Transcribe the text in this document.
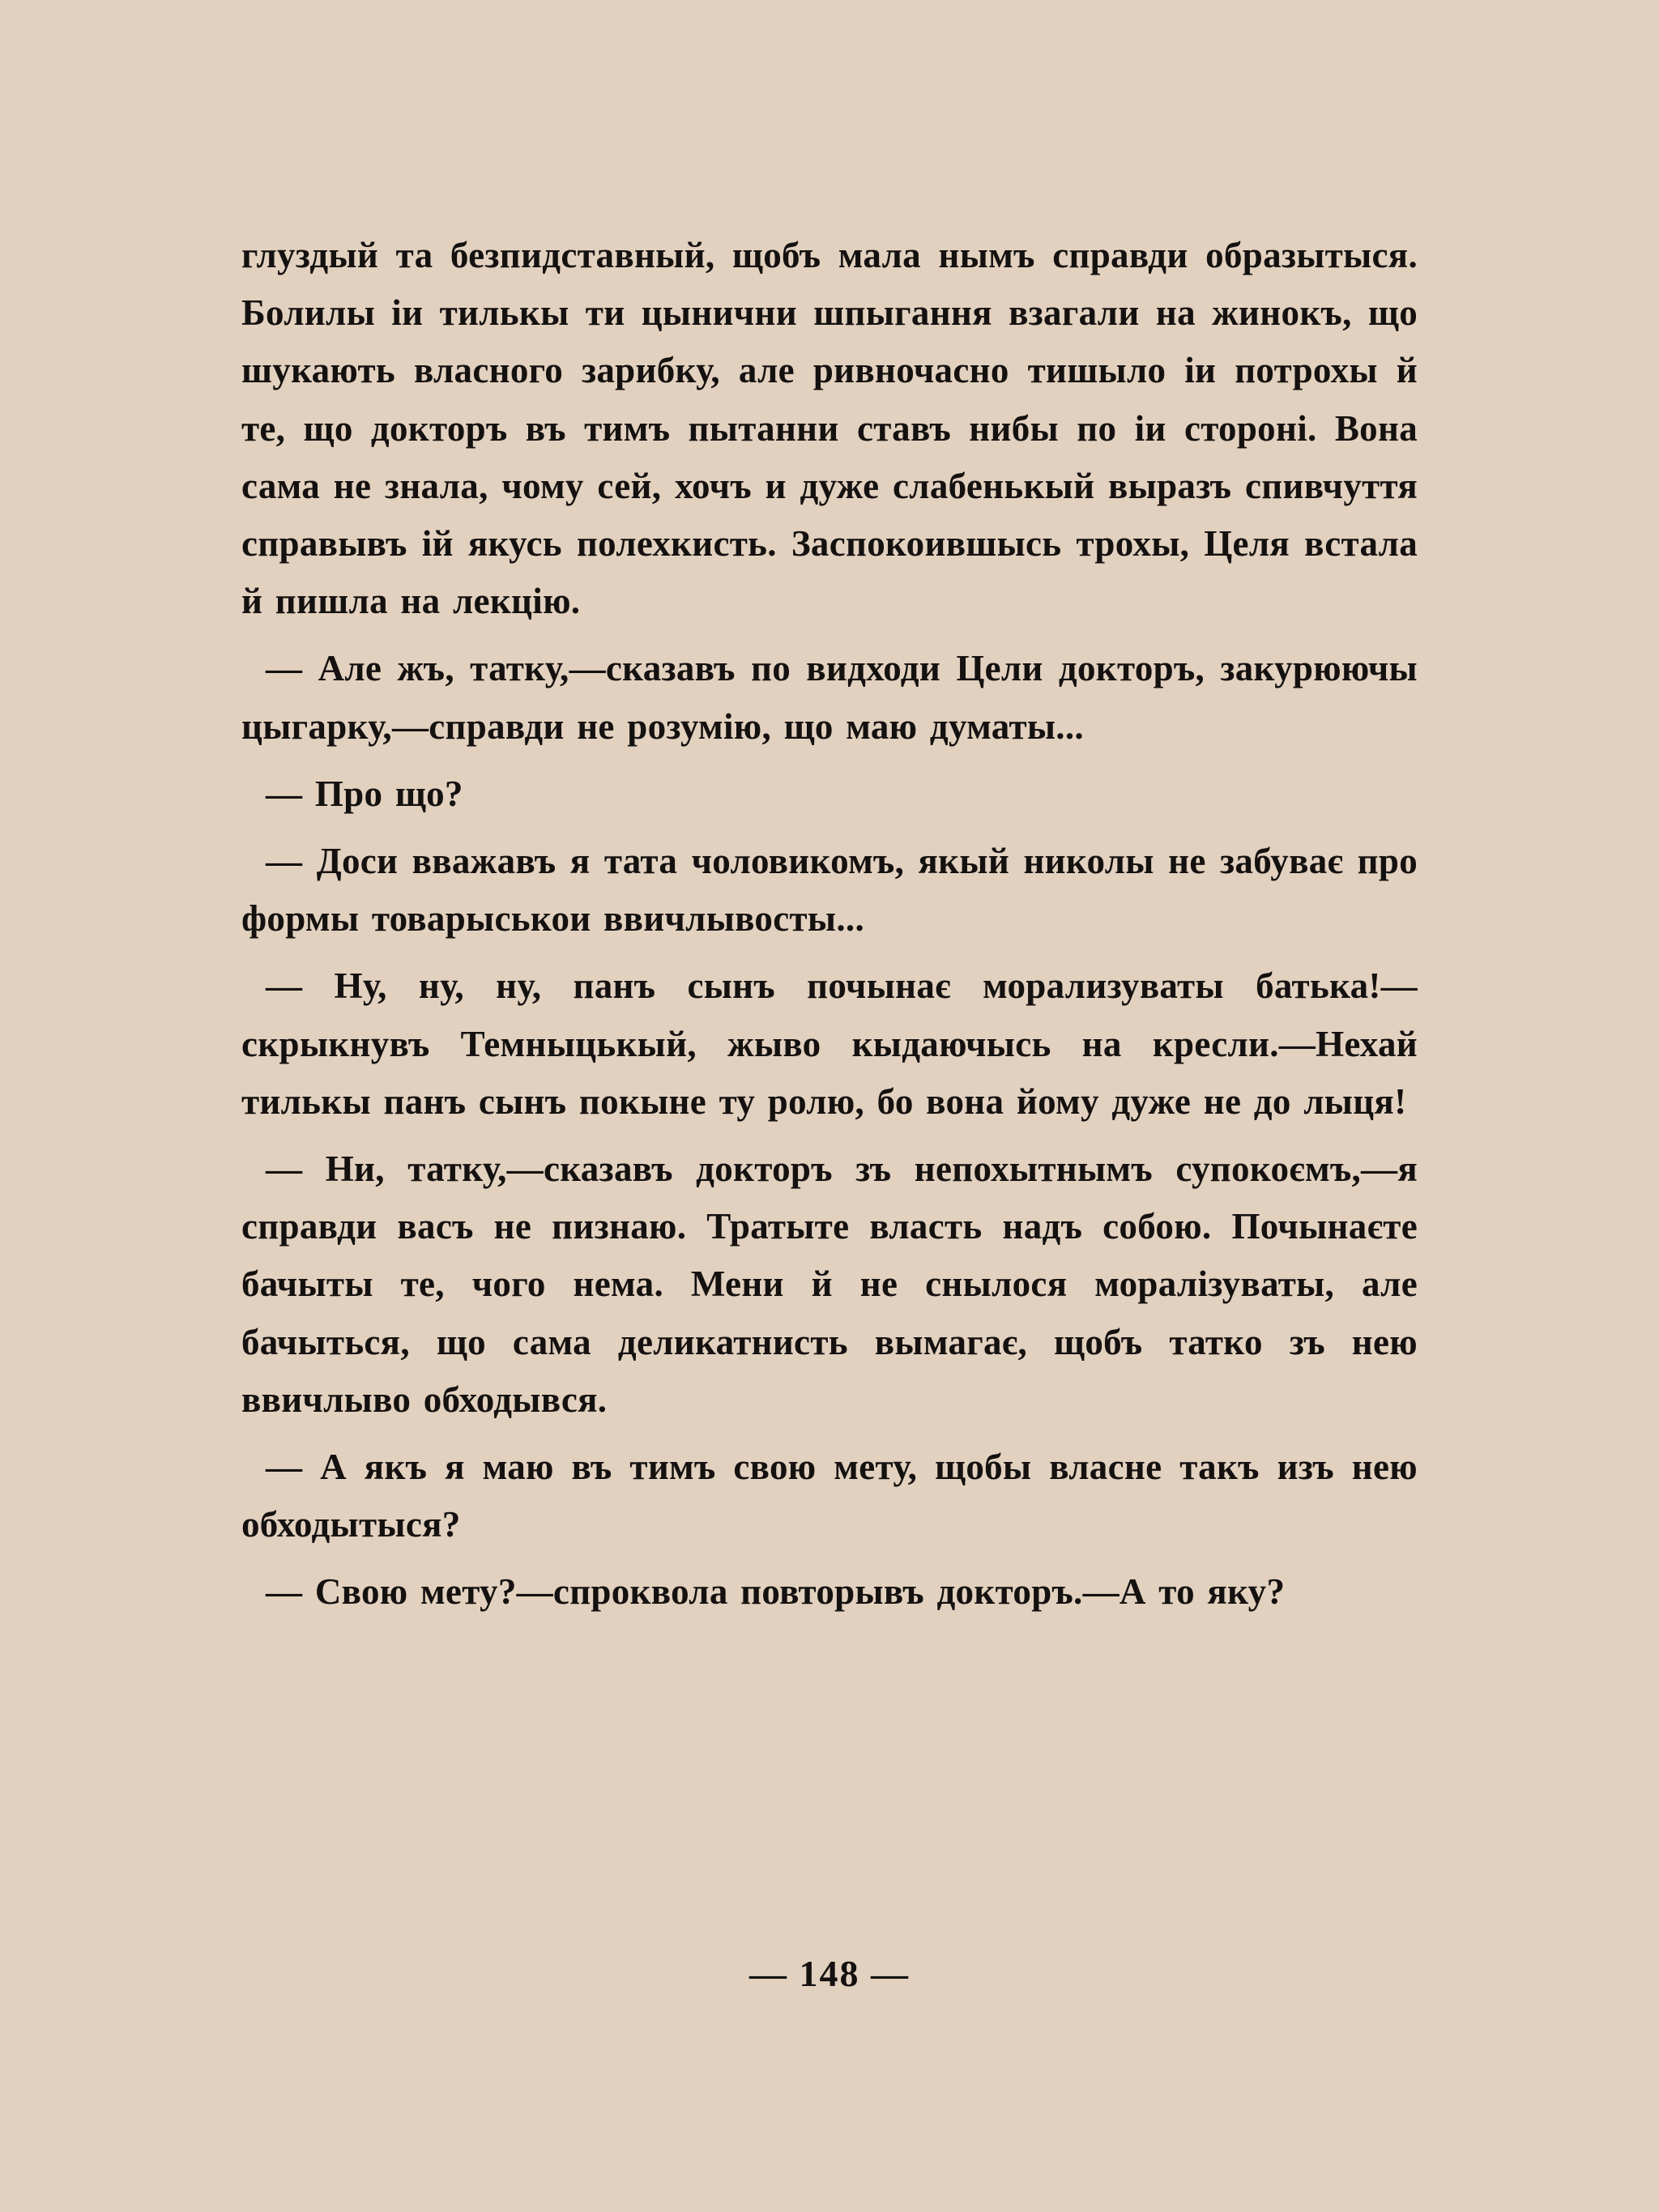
глуздый та безпидставный, щобъ мала нымъ справди образытыся. Болилы іи тилькы ти цынични шпыгання взагали на жинокъ, що шукають власного зарибку, але ривночасно тишыло іи потрохы й те, що докторъ въ тимъ пытанни ставъ нибы по іи стороні. Вона сама не знала, чому сей, хочъ и дуже слабенькый выразъ спивчуття справывъ ій якусь полехкисть. Заспокоившысь трохы, Целя встала й пишла на лекцію.

— Але жъ, татку,—сказавъ по видходи Цели докторъ, закурюючы цыгарку,—справди не розумію, що маю думаты...

— Про що?

— Доси вважавъ я тата чоловикомъ, якый николы не забуває про формы товарыськои ввичлывосты...

— Ну, ну, ну, панъ сынъ почынає морализуваты батька!—скрыкнувъ Темныцькый, жыво кыдаючысь на кресли.—Нехай тилькы панъ сынъ покыне ту ролю, бо вона йому дуже не до лыця!

— Ни, татку,—сказавъ докторъ зъ непохытнымъ супокоємъ,—я справди васъ не пизнаю. Тратыте власть надъ собою. Почынаєте бачыты те, чого нема. Мени й не снылося моралізуваты, але бачыться, що сама деликатнисть вымагає, щобъ татко зъ нею ввичлыво обходывся.

— А якъ я маю въ тимъ свою мету, щобы власне такъ изъ нею обходытыся?

— Свою мету?—спроквола повторывъ докторъ.—А то яку?

— 148 —
